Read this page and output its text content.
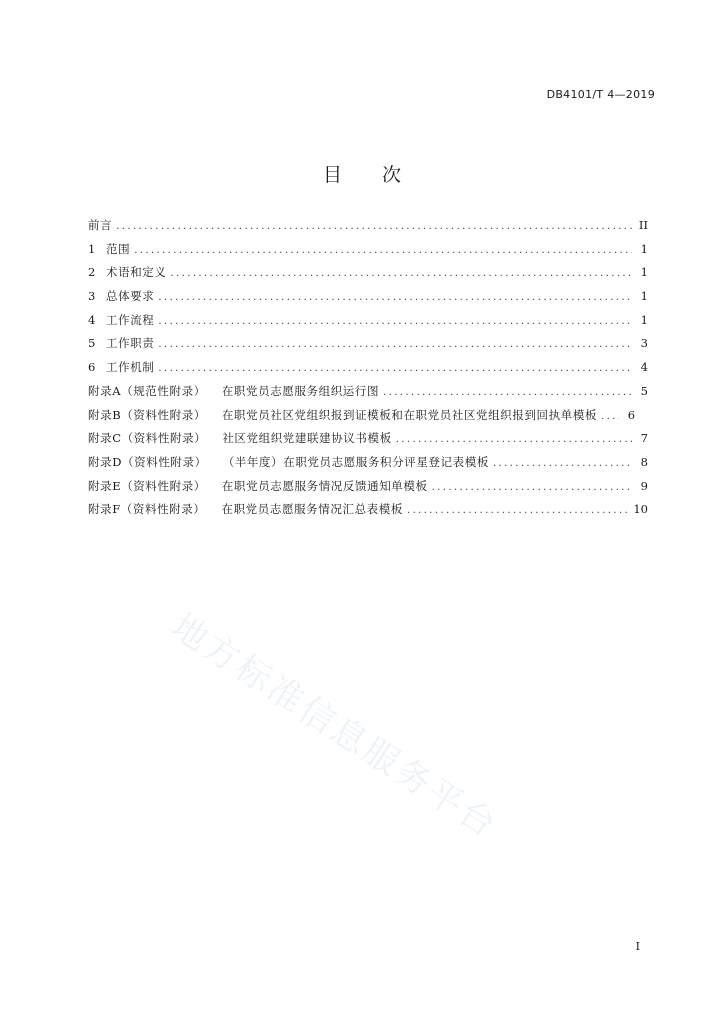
DB4101/T 4—2019
目 次
前言 .....	II
1 范围 .....	1
2 术语和定义 .....	1
3 总体要求 .....	1
4 工作流程 .....	1
5 工作职责 .....	3
6 工作机制 .....	4
附录A（规范性附录） 在职党员志愿服务组织运行图 .....	5
附录B（资料性附录） 在职党员社区党组织报到证模板和在职党员社区党组织报到回执单模板 .....	6
附录C（资料性附录） 社区党组织党建联建协议书模板 .....	7
附录D（资料性附录） （半年度）在职党员志愿服务积分评星登记表模板 .....	8
附录E（资料性附录） 在职党员志愿服务情况反馈通知单模板 .....	9
附录F（资料性附录） 在职党员志愿服务情况汇总表模板 .....	10
地方标准信息服务平台
I
